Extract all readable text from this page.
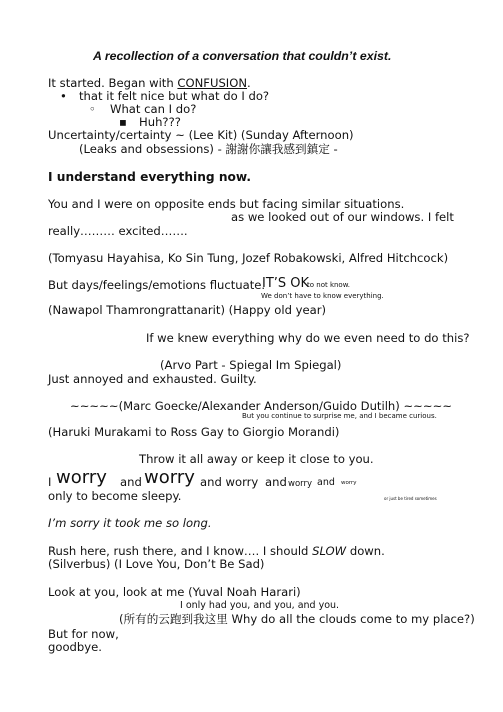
A recollection of a conversation that couldn’t exist.
It started. Began with CONFUSION.
• that it felt nice but what do I do?
◦ What can I do?
▪ Huh???
Uncertainty/certainty ~ (Lee Kit) (Sunday Afternoon)
(Leaks and obsessions) - 謝謝你讓我感到鎮定 -
I understand everything now.
You and I were on opposite ends but facing similar situations.
as we looked out of our windows. I felt
really……… excited…….
(Tomyasu Hayahisa, Ko Sin Tung, Jozef Robakowski, Alfred Hitchcock)
But days/feelings/emotions fluctuate.
IT’S OK
to not know.
We don’t have to know everything.
(Nawapol Thamrongrattanarit) (Happy old year)
If we knew everything why do we even need to do this?
(Arvo Part - Spiegal Im Spiegal)
Just annoyed and exhausted. Guilty.
~~~~~(Marc Goecke/Alexander Anderson/Guido Dutilh) ~~~~~
But you continue to surprise me, and I became curious.
(Haruki Murakami to Ross Gay to Giorgio Morandi)
Throw it all away or keep it close to you.
I worry and worry and worry and worry and worry
only to become sleepy.	or just be tired sometimes
I’m sorry it took me so long.
Rush here, rush there, and I know…. I should SLOW down.
(Silverbus) (I Love You, Don’t Be Sad)
Look at you, look at me (Yuval Noah Harari)
I only had you, and you, and you.
(所有的云跑到我这里 Why do all the clouds come to my place?)
But for now,
goodbye.
